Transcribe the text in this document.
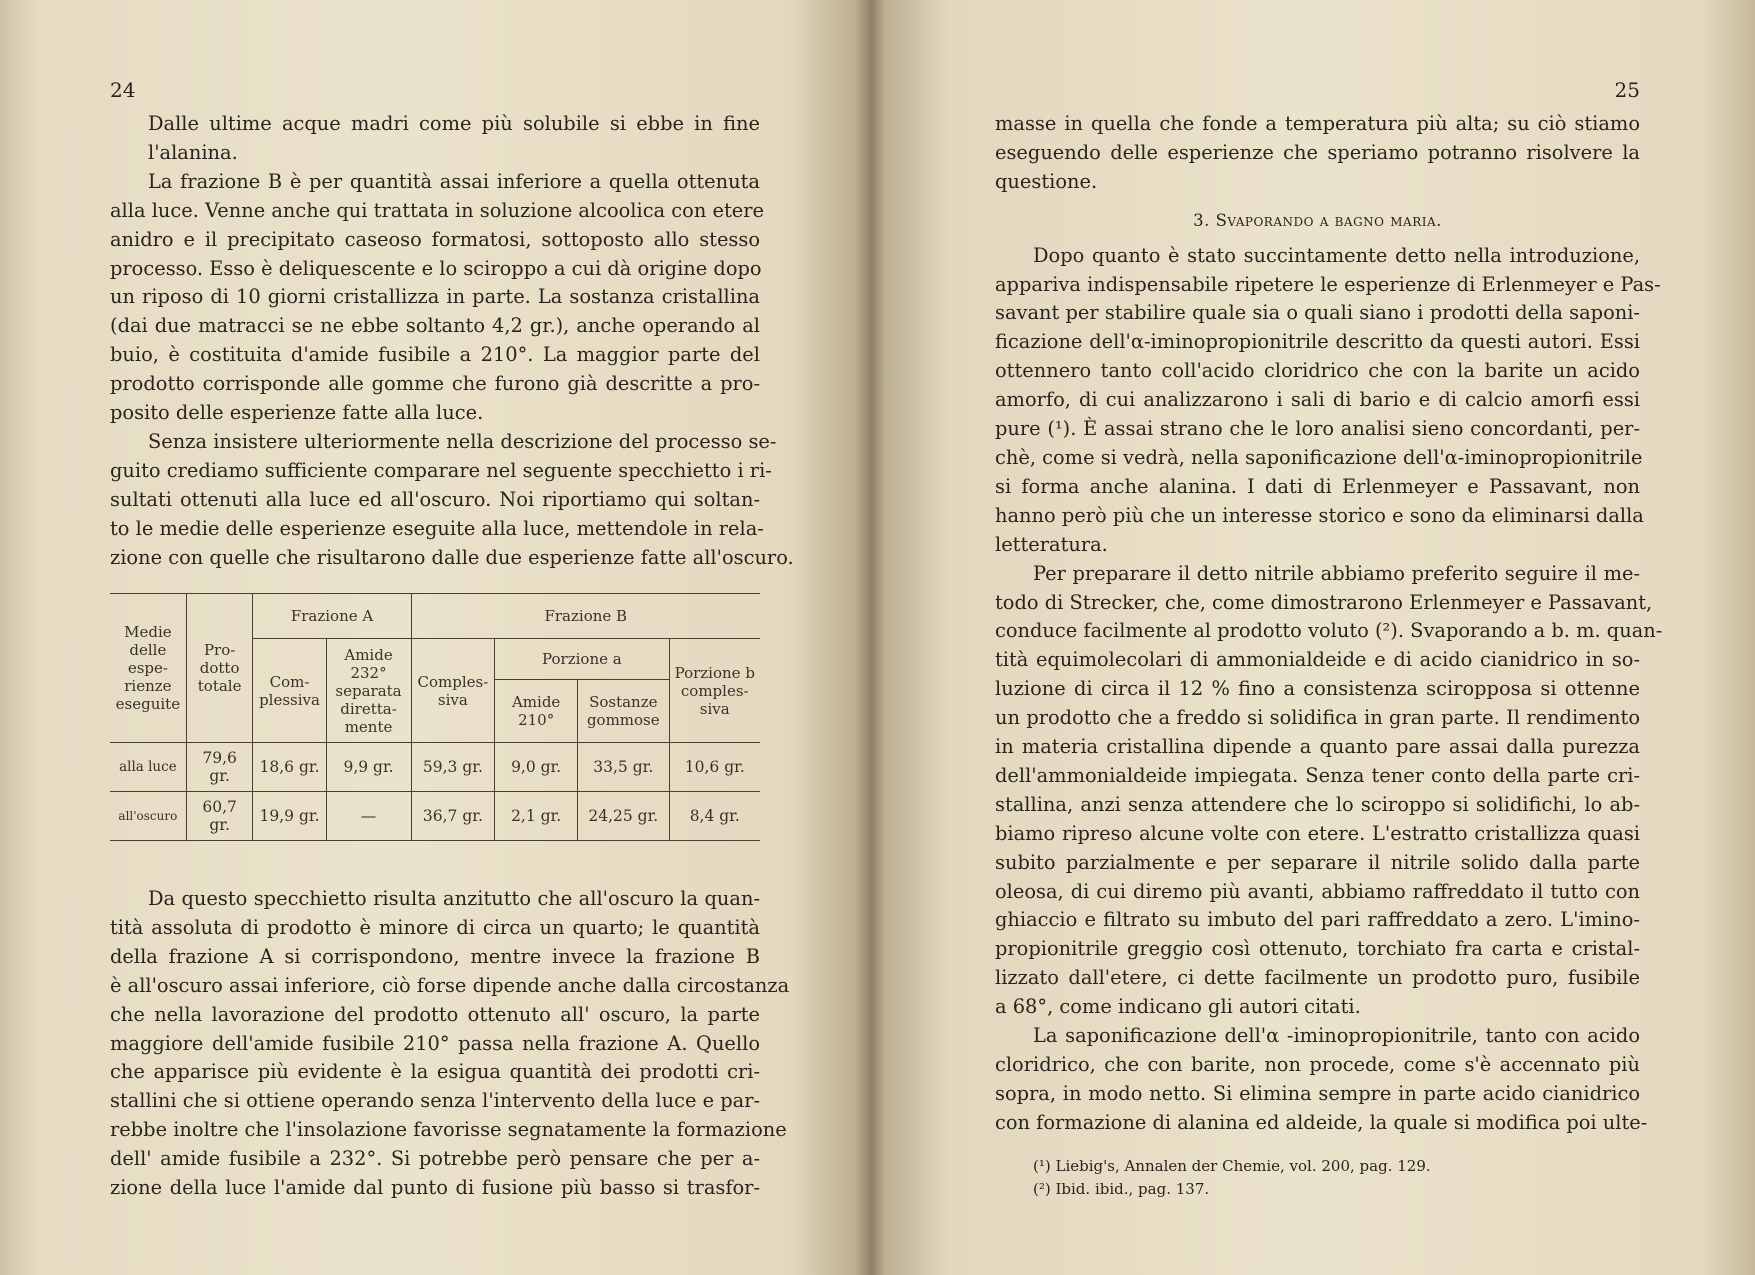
24

Dalle ultime acque madri come più solubile si ebbe in fine
l'alanina.

La frazione B è per quantità assai inferiore a quella ottenuta

alla luce. Venne anche qui trattata in soluzione alcoolica con etere
anidro e il precipitato caseoso formatosi, sottoposto allo stesso
processo. Esso è deliquescente e lo sciroppo a cui dà origine dopo
un riposo di 10 giorni cristallizza in parte. La sostanza cristallina
(dai due matracci se ne ebbe soltanto 4,2 gr.), anche operando al
buio, è costituita d'amide fusibile a 210°. La maggior parte del
prodotto corrisponde alle gomme che furono già descritte a pro-
posito delle esperienze fatte alla luce.

Senza insistere ulteriormente nella descrizione del processo se-
guito crediamo sufficiente comparare nel seguente specchietto i ri-
sultati ottenuti alla luce ed all'oscuro. Noi riportiamo qui soltan-
to le medie delle esperienze eseguite alla luce, mettendole in rela-
zione con quelle che risultarono dalle due esperienze fatte all'oscuro.

Medie delle espe- rienze eseguite	Pro- dotto totale	Frazione A		Frazione B			
		Com- plessiva	Amide 232° separata diretta- mente	Comples- siva	Porzione a		Porzione b comples- siva
					Amide 210°	Sostanze gommose	
alla luce	79,6 gr.	18,6 gr.	9,9 gr.	59,3 gr.	9,0 gr.	33,5 gr.	10,6 gr.
all'oscuro	60,7 gr.	19,9 gr.	—	36,7 gr.	2,1 gr.	24,25 gr.	8,4 gr.

Da questo specchietto risulta anzitutto che all'oscuro la quan-
tità assoluta di prodotto è minore di circa un quarto; le quantità
della frazione A si corrispondono, mentre invece la frazione B
è all'oscuro assai inferiore, ciò forse dipende anche dalla circostanza
che nella lavorazione del prodotto ottenuto all' oscuro, la parte
maggiore dell'amide fusibile 210° passa nella frazione A. Quello
che apparisce più evidente è la esigua quantità dei prodotti cri-
stallini che si ottiene operando senza l'intervento della luce e par-
rebbe inoltre che l'insolazione favorisse segnatamente la formazione
dell' amide fusibile a 232°. Si potrebbe però pensare che per a-
zione della luce l'amide dal punto di fusione più basso si trasfor-

25

masse in quella che fonde a temperatura più alta; su ciò stiamo
eseguendo delle esperienze che speriamo potranno risolvere la
questione.

3. Svaporando a bagno maria.

Dopo quanto è stato succintamente detto nella introduzione,
appariva indispensabile ripetere le esperienze di Erlenmeyer e Pas-
savant per stabilire quale sia o quali siano i prodotti della saponi-
ficazione dell'α-iminopropionitrile descritto da questi autori. Essi
ottennero tanto coll'acido cloridrico che con la barite un acido
amorfo, di cui analizzarono i sali di bario e di calcio amorfi essi
pure (¹). È assai strano che le loro analisi sieno concordanti, per-
chè, come si vedrà, nella saponificazione dell'α-iminopropionitrile
si forma anche alanina. I dati di Erlenmeyer e Passavant, non
hanno però più che un interesse storico e sono da eliminarsi dalla
letteratura.

Per preparare il detto nitrile abbiamo preferito seguire il me-
todo di Strecker, che, come dimostrarono Erlenmeyer e Passavant,
conduce facilmente al prodotto voluto (²). Svaporando a b. m. quan-
tità equimolecolari di ammonialdeide e di acido cianidrico in so-
luzione di circa il 12 % fino a consistenza sciropposa si ottenne
un prodotto che a freddo si solidifica in gran parte. Il rendimento
in materia cristallina dipende a quanto pare assai dalla purezza
dell'ammonialdeide impiegata. Senza tener conto della parte cri-
stallina, anzi senza attendere che lo sciroppo si solidifichi, lo ab-
biamo ripreso alcune volte con etere. L'estratto cristallizza quasi
subito parzialmente e per separare il nitrile solido dalla parte
oleosa, di cui diremo più avanti, abbiamo raffreddato il tutto con
ghiaccio e filtrato su imbuto del pari raffreddato a zero. L'imino-
propionitrile greggio così ottenuto, torchiato fra carta e cristal-
lizzato dall'etere, ci dette facilmente un prodotto puro, fusibile
a 68°, come indicano gli autori citati.

La saponificazione dell'α -iminopropionitrile, tanto con acido
cloridrico, che con barite, non procede, come s'è accennato più
sopra, in modo netto. Si elimina sempre in parte acido cianidrico
con formazione di alanina ed aldeide, la quale si modifica poi ulte-

(¹) Liebig's, Annalen der Chemie, vol. 200, pag. 129.
(²) Ibid. ibid., pag. 137.
